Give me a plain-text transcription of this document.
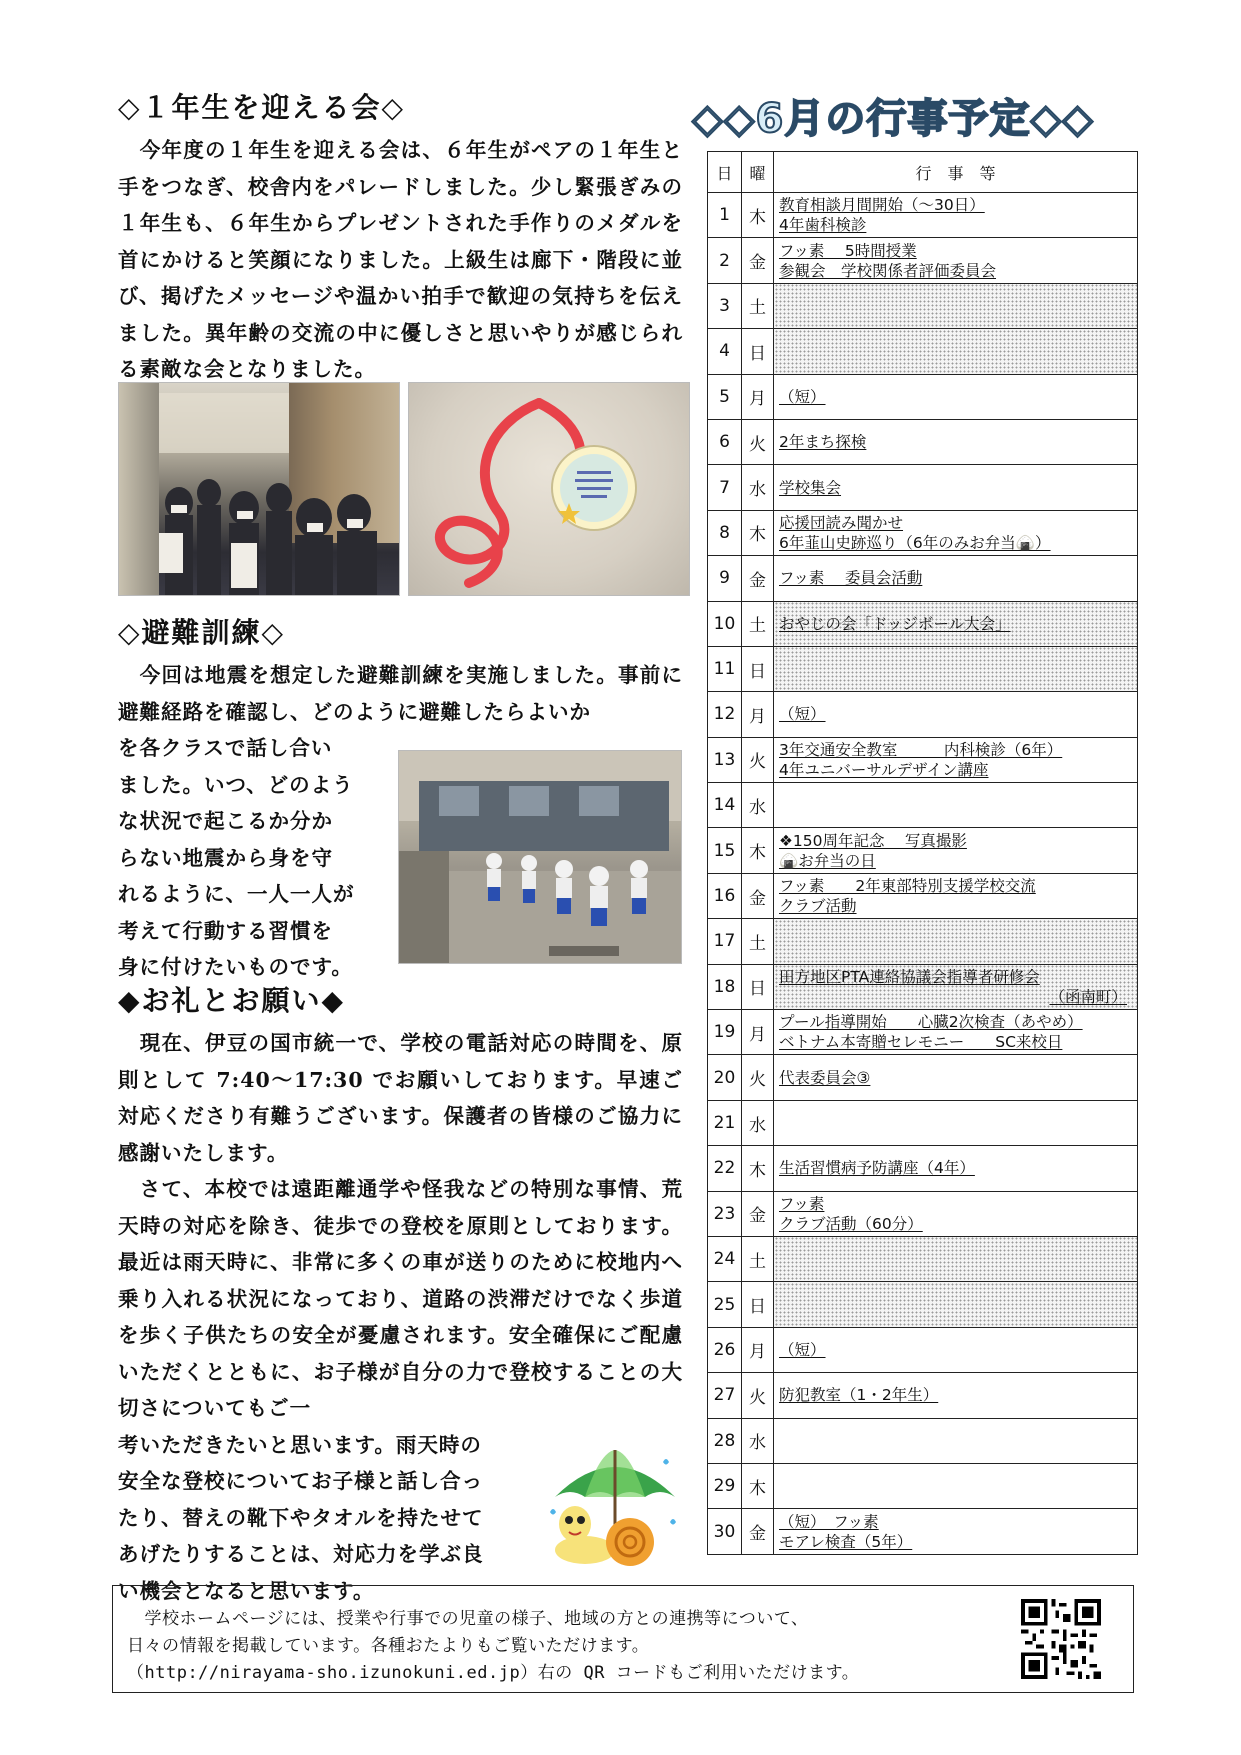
◇１年生を迎える会◇

　今年度の１年生を迎える会は、６年生がペアの１年生と手をつなぎ、校舎内をパレードしました。少し緊張ぎみの１年生も、６年生からプレゼントされた手作りのメダルを首にかけると笑顔になりました。上級生は廊下・階段に並び、掲げたメッセージや温かい拍手で歓迎の気持ちを伝えました。異年齢の交流の中に優しさと思いやりが感じられる素敵な会となりました。

◇避難訓練◇

　今回は地震を想定した避難訓練を実施しました。事前に避難経路を確認し、どのように避難したらよいか

を各クラスで話し合い
ました。いつ、どのよう
な状況で起こるか分か
らない地震から身を守
れるように、一人一人が
考えて行動する習慣を
身に付けたいものです。
◆お礼とお願い◆

　現在、伊豆の国市統一で、学校の電話対応の時間を、原則として 7:40～17:30 でお願いしております。早速ご対応くださり有難うございます。保護者の皆様のご協力に感謝いたします。
　さて、本校では遠距離通学や怪我などの特別な事情、荒天時の対応を除き、徒歩での登校を原則としております。最近は雨天時に、非常に多くの車が送りのために校地内へ乗り入れる状況になっており、道路の渋滞だけでなく歩道を歩く子供たちの安全が憂慮されます。安全確保にご配慮いただくとともに、お子様が自分の力で登校することの大切さについてもご一

考いただきたいと思います。雨天時の
安全な登校についてお子様と話し合っ
たり、替えの靴下やタオルを持たせて
あげたりすることは、対応力を学ぶ良
い機会となると思います。
◇◇6月の行事予定◇◇
日	曜	行　事　等
1	木	教育相談月間開始（～30日）
4年歯科検診

2	金	フッ素　 5時間授業
参観会　学校関係者評価委員会

3	土	

4	日	

5	月	（短）

6	火	2年まち探検

7	水	学校集会

8	木	応援団読み聞かせ
6年韮山史跡巡り（6年のみお弁当🍙）

9	金	フッ素　 委員会活動

10	土	おやじの会「ドッジボール大会」

11	日	

12	月	（短）

13	火	3年交通安全教室　　　内科検診（6年）
4年ユニバーサルデザイン講座

14	水	

15	木	❖150周年記念　 写真撮影
🍙お弁当の日

16	金	フッ素　　2年東部特別支援学校交流
クラブ活動

17	土	

18	日	田方地区PTA連絡協議会指導者研修会
（函南町）

19	月	プール指導開始　　心臓2次検査（あやめ）
ベトナム本寄贈セレモニー　　SC来校日

20	火	代表委員会③

21	水	

22	木	生活習慣病予防講座（4年）

23	金	フッ素
クラブ活動（60分）

24	土	

25	日	

26	月	（短）

27	火	防犯教室（1・2年生）

28	水	

29	木	

30	金	（短）　フッ素
モアレ検査（5年）
　学校ホームページには、授業や行事での児童の様子、地域の方との連携等について、
日々の情報を掲載しています。各種おたよりもご覧いただけます。
（http://nirayama-sho.izunokuni.ed.jp）右の QR コードもご利用いただけます。
